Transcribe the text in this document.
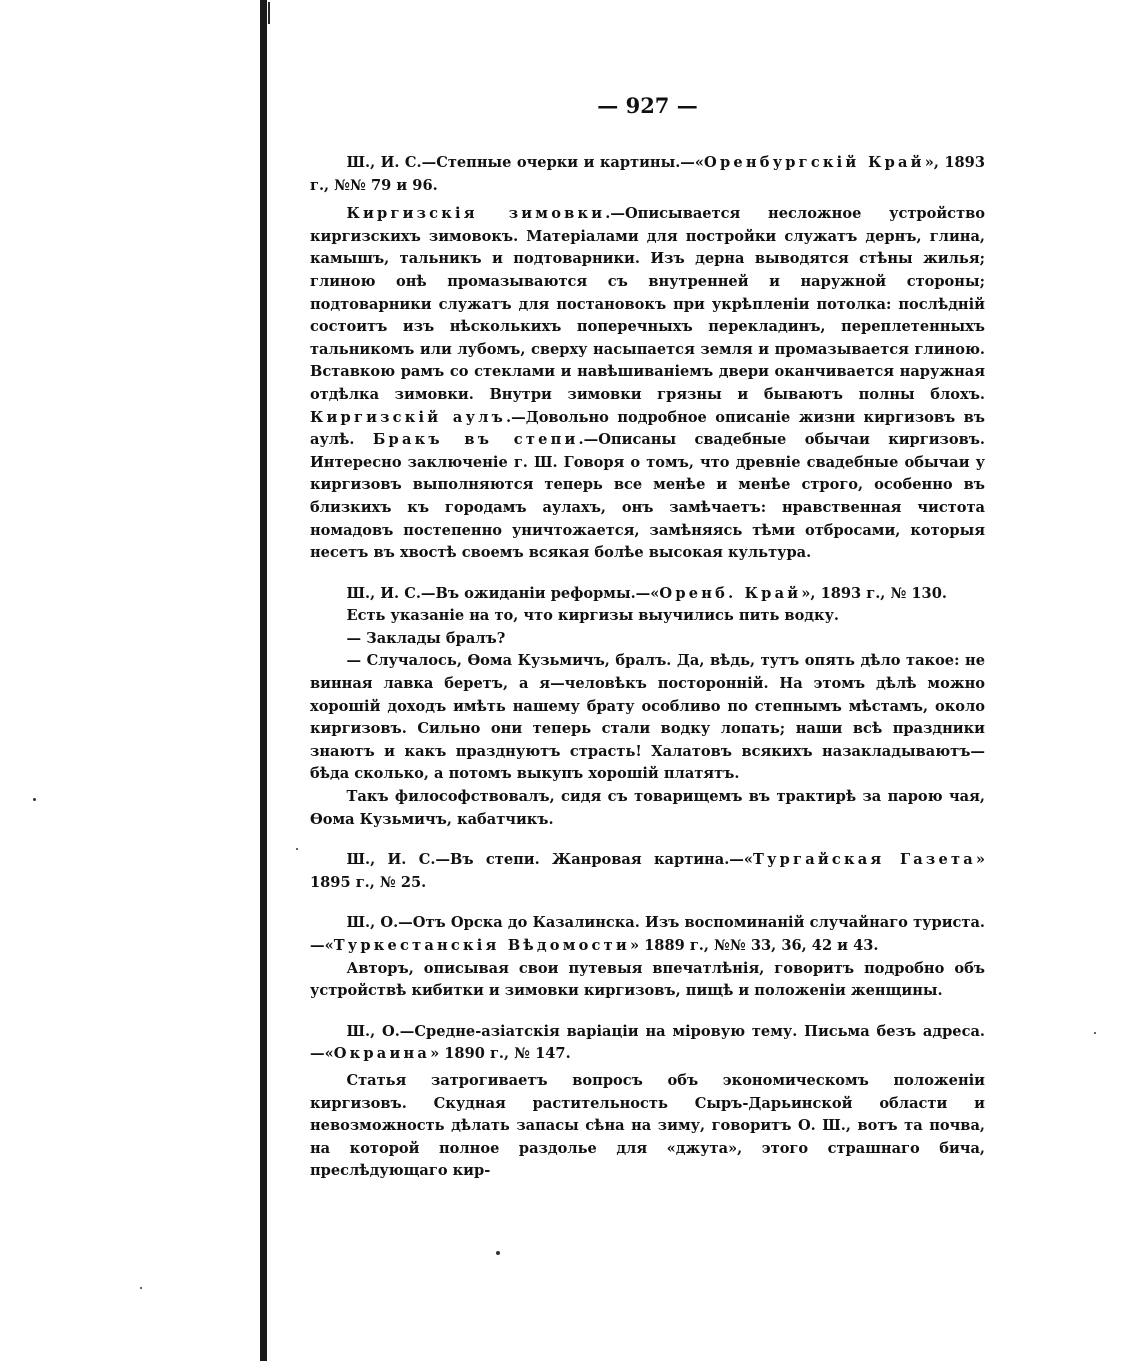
— 927 —

Ш., И. С.—Степные очерки и картины.—«Оренбургскій Край», 1893 г., №№ 79 и 96.

Киргизскія зимовки.—Описывается несложное устройство киргизскихъ зимовокъ. Матеріалами для постройки служатъ дернъ, глина, камышъ, тальникъ и подтоварники. Изъ дерна выводятся стѣны жилья; глиною онѣ промазываются съ внутренней и наружной стороны; подтоварники служатъ для постановокъ при укрѣпленіи потолка: послѣдній состоитъ изъ нѣсколькихъ поперечныхъ перекладинъ, переплетенныхъ тальникомъ или лубомъ, сверху насыпается земля и промазывается глиною. Вставкою рамъ со стеклами и навѣшиваніемъ двери оканчивается наружная отдѣлка зимовки. Внутри зимовки грязны и бываютъ полны блохъ. Киргизскій аулъ.—Довольно подробное описаніе жизни киргизовъ въ аулѣ. Бракъ въ степи.—Описаны свадебные обычаи киргизовъ. Интересно заключеніе г. Ш. Говоря о томъ, что древніе свадебные обычаи у киргизовъ выполняются теперь все менѣе и менѣе строго, особенно въ близкихъ къ городамъ аулахъ, онъ замѣчаетъ: нравственная чистота номадовъ постепенно уничтожается, замѣняясь тѣми отбросами, которыя несетъ въ хвостѣ своемъ всякая болѣе высокая культура.

Ш., И. С.—Въ ожиданіи реформы.—«Оренб. Край», 1893 г., № 130.

Есть указаніе на то, что киргизы выучились пить водку.

— Заклады бралъ?

— Случалось, Ѳома Кузьмичъ, бралъ. Да, вѣдь, тутъ опять дѣло такое: не винная лавка беретъ, а я—человѣкъ посторонній. На этомъ дѣлѣ можно хорошій доходъ имѣть нашему брату особливо по степнымъ мѣстамъ, около киргизовъ. Сильно они теперь стали водку лопать; наши всѣ праздники знаютъ и какъ празднуютъ страсть! Халатовъ всякихъ назакладываютъ—бѣда сколько, а потомъ выкупъ хорошій платятъ.

Такъ философствовалъ, сидя съ товарищемъ въ трактирѣ за парою чая, Ѳома Кузьмичъ, кабатчикъ.

Ш., И. С.—Въ степи. Жанровая картина.—«Тургайская Газета» 1895 г., № 25.

Ш., О.—Отъ Орска до Казалинска. Изъ воспоминаній случайнаго туриста.—«Туркестанскія Вѣдомости» 1889 г., №№ 33, 36, 42 и 43.

Авторъ, описывая свои путевыя впечатлѣнія, говоритъ подробно объ устройствѣ кибитки и зимовки киргизовъ, пищѣ и положеніи женщины.

Ш., О.—Средне-азіатскія варіаціи на міровую тему. Письма безъ адреса.—«Окраина» 1890 г., № 147.

Статья затрогиваетъ вопросъ объ экономическомъ положеніи киргизовъ. Скудная растительность Сыръ-Дарьинской области и невозможность дѣлать запасы сѣна на зиму, говоритъ О. Ш., вотъ та почва, на которой полное раздолье для «джута», этого страшнаго бича, преслѣдующаго кир-
